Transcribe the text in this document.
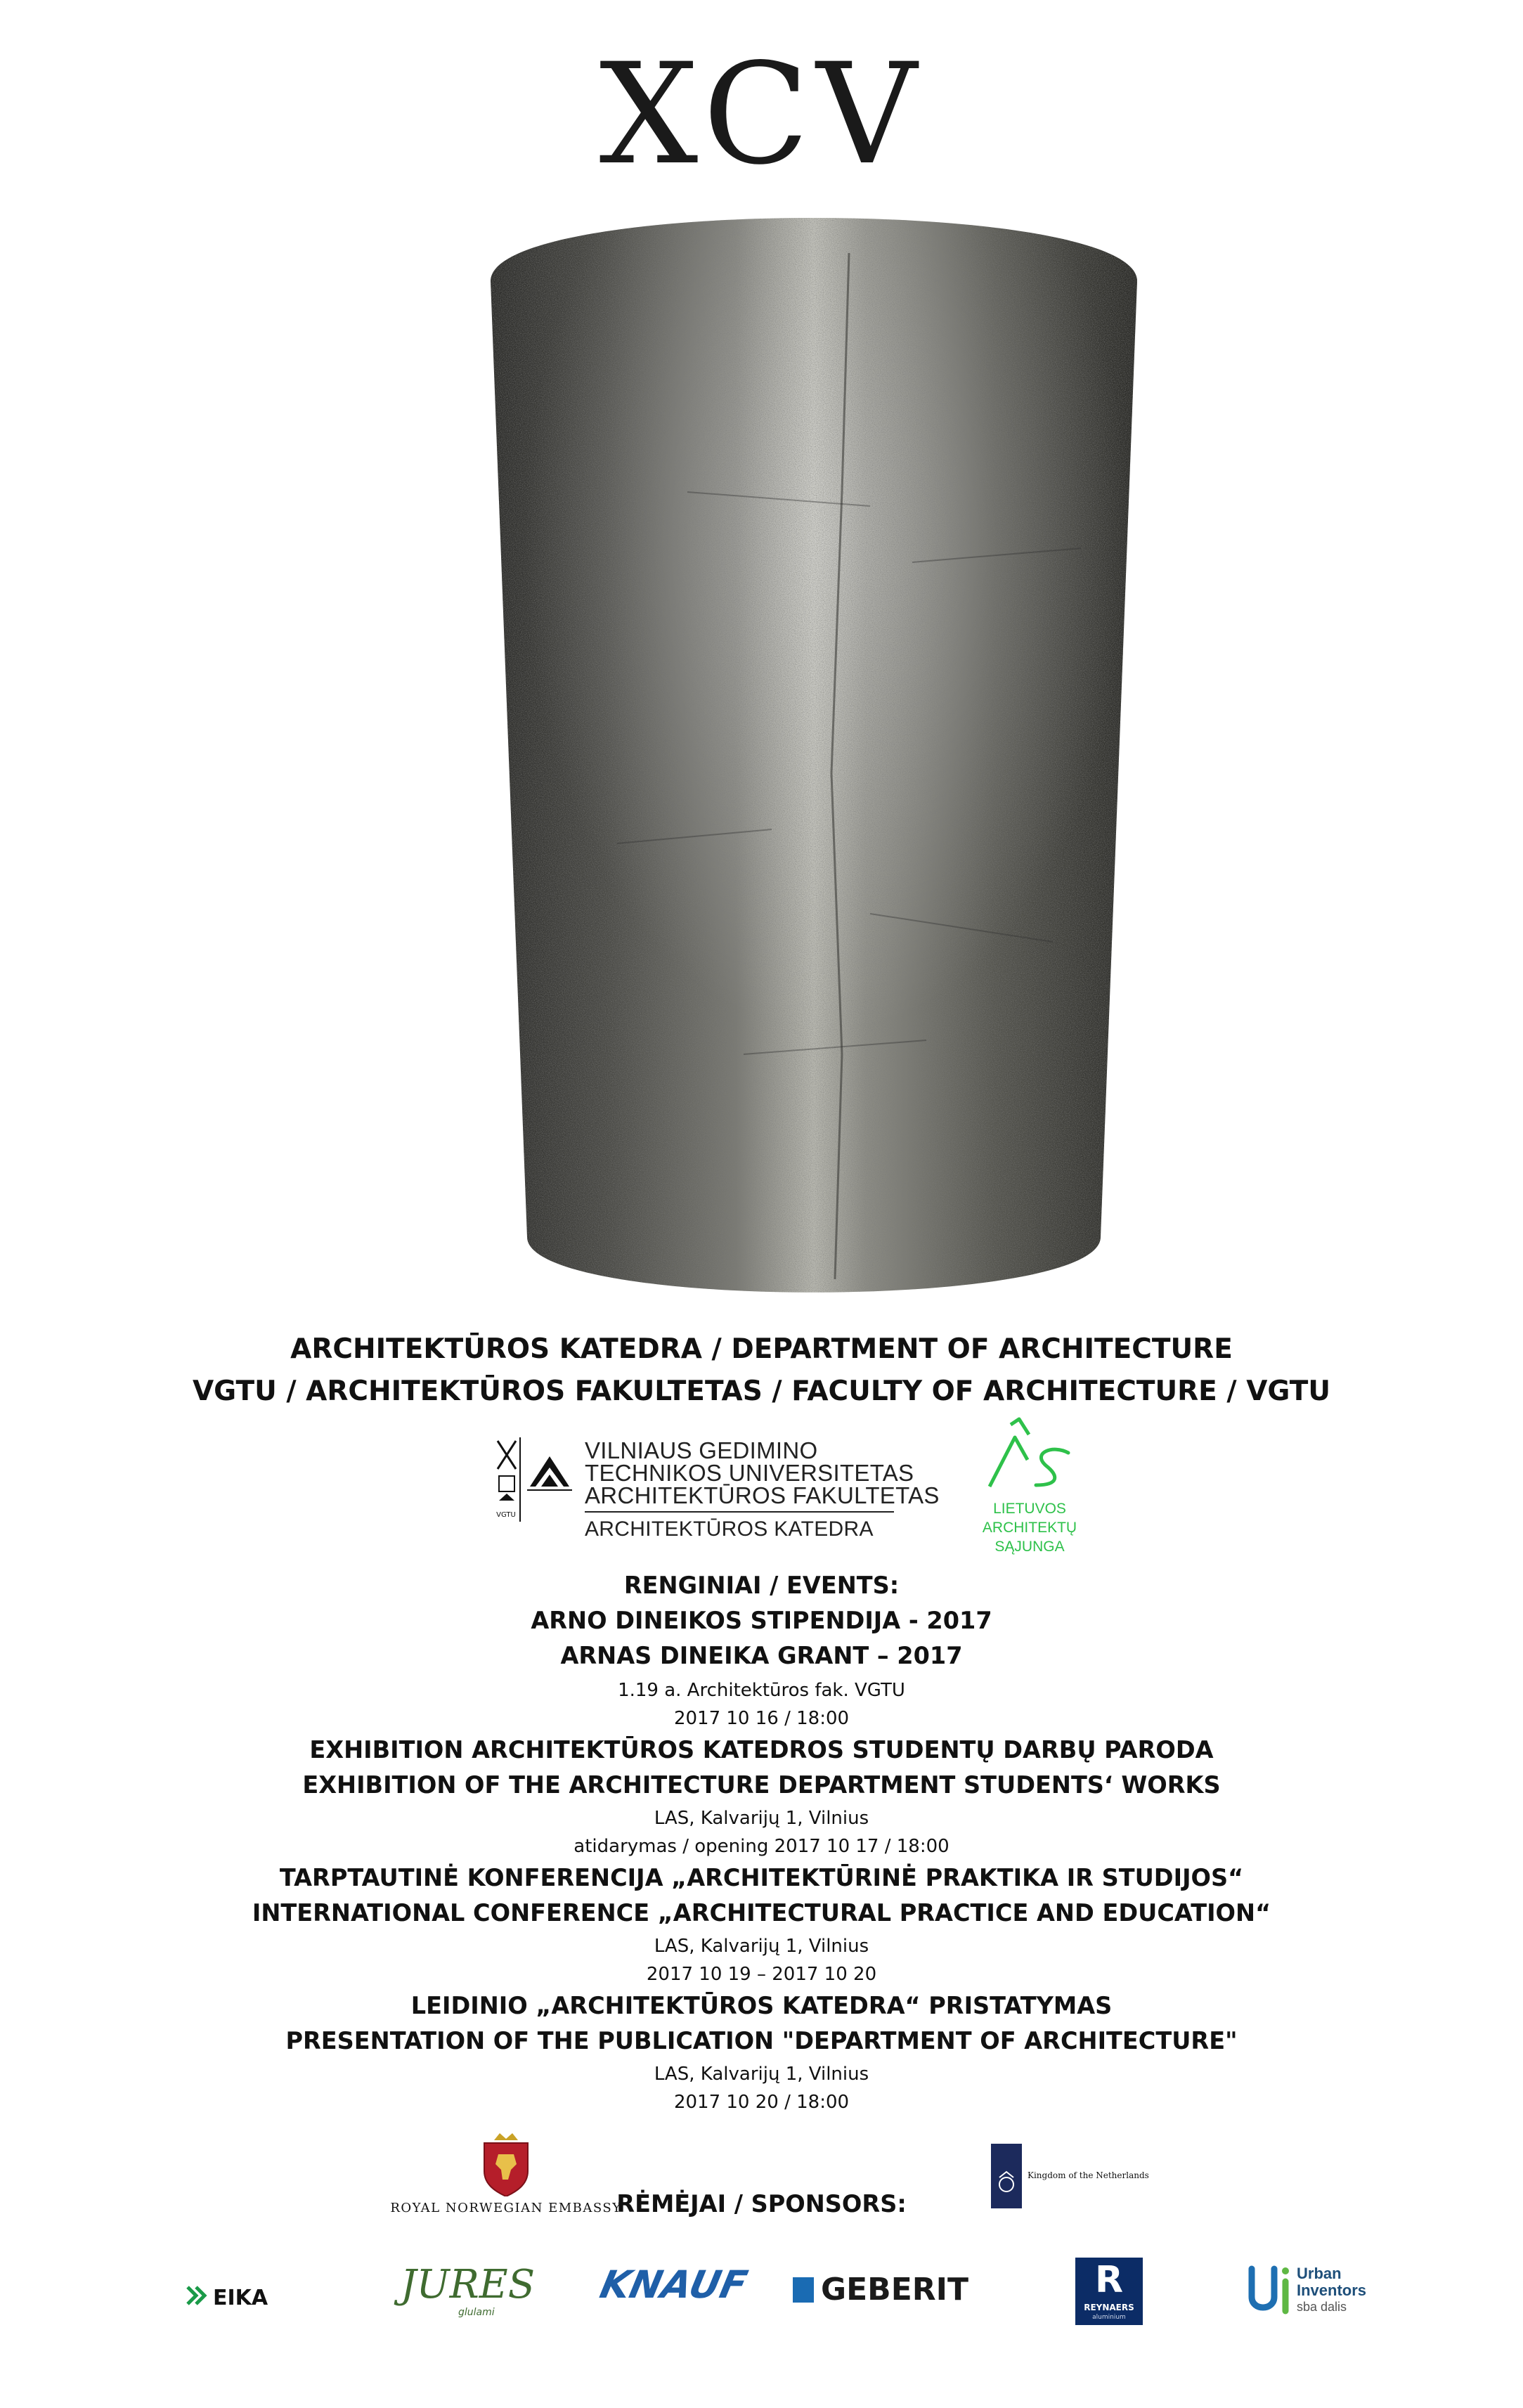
XCV
ARCHITEKTŪROS KATEDRA / DEPARTMENT OF ARCHITECTURE
VGTU / ARCHITEKTŪROS FAKULTETAS / FACULTY OF ARCHITECTURE / VGTU
VGTU
VILNIAUS GEDIMINO
TECHNIKOS UNIVERSITETAS
ARCHITEKTŪROS FAKULTETAS
ARCHITEKTŪROS KATEDRA
LIETUVOS
ARCHITEKTŲ
SĄJUNGA
RENGINIAI / EVENTS:
ARNO DINEIKOS STIPENDIJA - 2017
ARNAS DINEIKA GRANT – 2017
1.19 a. Architektūros fak. VGTU
2017 10 16 / 18:00
EXHIBITION ARCHITEKTŪROS KATEDROS STUDENTŲ DARBŲ PARODA
EXHIBITION OF THE ARCHITECTURE DEPARTMENT STUDENTS‘ WORKS
LAS, Kalvarijų 1, Vilnius
atidarymas / opening 2017 10 17 / 18:00
TARPTAUTINĖ KONFERENCIJA „ARCHITEKTŪRINĖ PRAKTIKA IR STUDIJOS“
INTERNATIONAL CONFERENCE „ARCHITECTURAL PRACTICE AND EDUCATION“
LAS, Kalvarijų 1, Vilnius
2017 10 19 – 2017 10 20
LEIDINIO „ARCHITEKTŪROS KATEDRA“ PRISTATYMAS
PRESENTATION OF THE PUBLICATION "DEPARTMENT OF ARCHITECTURE"
LAS, Kalvarijų 1, Vilnius
2017 10 20 / 18:00
ROYAL NORWEGIAN EMBASSY
Kingdom of the Netherlands
RĖMĖJAI / SPONSORS:
EIKA	JURES
glulami
KNAUF GEBERIT	R
REYNAERS
aluminium
Urban
Inventors
sba dalis
